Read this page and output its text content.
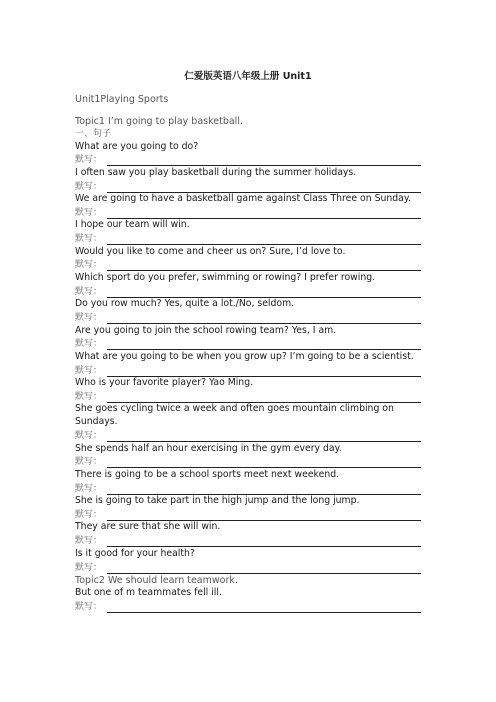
仁爱版英语八年级上册 Unit1
Unit1Playing Sports
Topic1 I’m going to play basketball.
一、句子
What are you going to do?
默写：
I often saw you play basketball during the summer holidays.
默写：
We are going to have a basketball game against Class Three on Sunday.
默写：
I hope our team will win.
默写：
Would you like to come and cheer us on? Sure, I’d love to.
默写：
Which sport do you prefer, swimming or rowing? I prefer rowing.
默写：
Do you row much? Yes, quite a lot./No, seldom.
默写：
Are you going to join the school rowing team? Yes, I am.
默写：
What are you going to be when you grow up? I’m going to be a scientist.
默写：
Who is your favorite player? Yao Ming.
默写：
She goes cycling twice a week and often goes mountain climbing on Sundays.
默写：
She spends half an hour exercising in the gym every day.
默写：
There is going to be a school sports meet next weekend.
默写：
She is going to take part in the high jump and the long jump.
默写：
They are sure that she will win.
默写：
Is it good for your health?
默写：
Topic2 We should learn teamwork.
But one of m teammates fell ill.
默写：
